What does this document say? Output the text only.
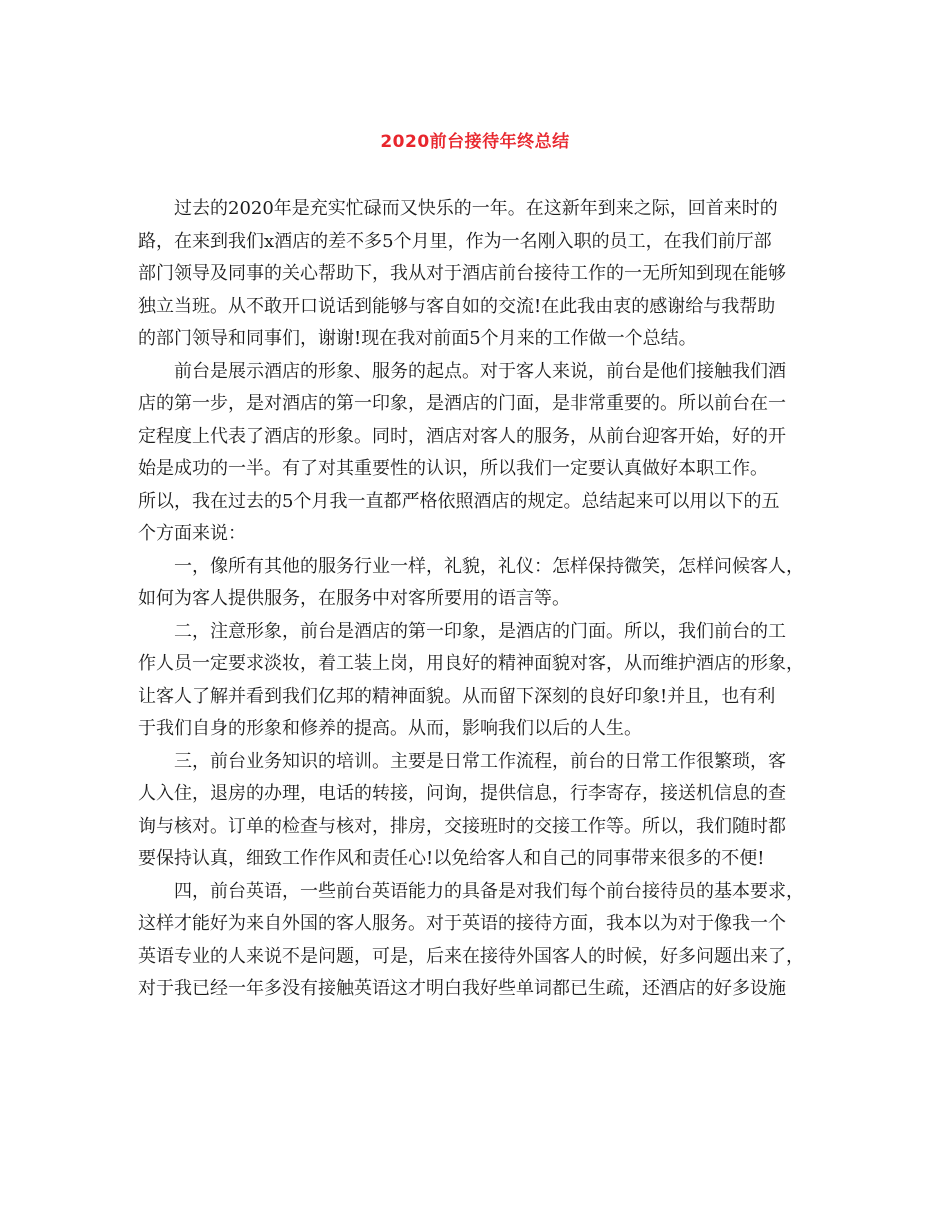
2020前台接待年终总结
过去的2020年是充实忙碌而又快乐的一年。在这新年到来之际，回首来时的
路，在来到我们x酒店的差不多5个月里，作为一名刚入职的员工，在我们前厅部
部门领导及同事的关心帮助下，我从对于酒店前台接待工作的一无所知到现在能够
独立当班。从不敢开口说话到能够与客自如的交流!在此我由衷的感谢给与我帮助
的部门领导和同事们，谢谢!现在我对前面5个月来的工作做一个总结。
前台是展示酒店的形象、服务的起点。对于客人来说，前台是他们接触我们酒
店的第一步，是对酒店的第一印象，是酒店的门面，是非常重要的。所以前台在一
定程度上代表了酒店的形象。同时，酒店对客人的服务，从前台迎客开始，好的开
始是成功的一半。有了对其重要性的认识，所以我们一定要认真做好本职工作。
所以，我在过去的5个月我一直都严格依照酒店的规定。总结起来可以用以下的五
个方面来说：
一，像所有其他的服务行业一样，礼貌，礼仪：怎样保持微笑，怎样问候客人，
如何为客人提供服务，在服务中对客所要用的语言等。
二，注意形象，前台是酒店的第一印象，是酒店的门面。所以，我们前台的工
作人员一定要求淡妆，着工装上岗，用良好的精神面貌对客，从而维护酒店的形象，
让客人了解并看到我们亿邦的精神面貌。从而留下深刻的良好印象!并且，也有利
于我们自身的形象和修养的提高。从而，影响我们以后的人生。
三，前台业务知识的培训。主要是日常工作流程，前台的日常工作很繁琐，客
人入住，退房的办理，电话的转接，问询，提供信息，行李寄存，接送机信息的查
询与核对。订单的检查与核对，排房，交接班时的交接工作等。所以，我们随时都
要保持认真，细致工作作风和责任心!以免给客人和自己的同事带来很多的不便!
四，前台英语，一些前台英语能力的具备是对我们每个前台接待员的基本要求，
这样才能好为来自外国的客人服务。对于英语的接待方面，我本以为对于像我一个
英语专业的人来说不是问题，可是，后来在接待外国客人的时候，好多问题出来了，
对于我已经一年多没有接触英语这才明白我好些单词都已生疏，还酒店的好多设施
